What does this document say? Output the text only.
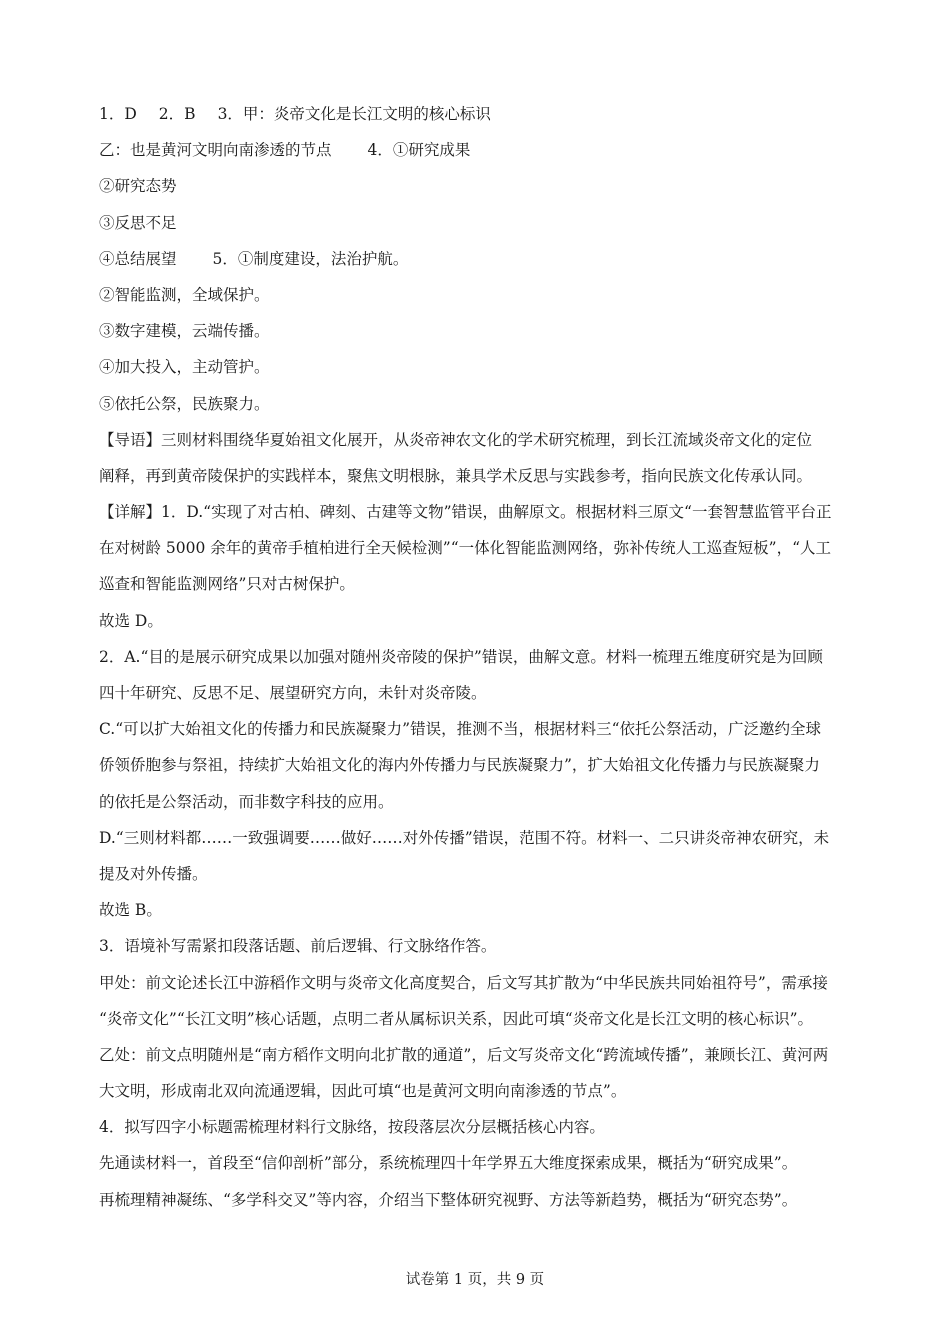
1．D 2．B 3．甲：炎帝文化是长江文明的核心标识
乙：也是黄河文明向南渗透的节点 4．①研究成果
②研究态势
③反思不足
④总结展望 5．①制度建设，法治护航。
②智能监测，全域保护。
③数字建模，云端传播。
④加大投入，主动管护。
⑤依托公祭，民族聚力。
【导语】三则材料围绕华夏始祖文化展开，从炎帝神农文化的学术研究梳理，到长江流域炎帝文化的定位
阐释，再到黄帝陵保护的实践样本，聚焦文明根脉，兼具学术反思与实践参考，指向民族文化传承认同。
【详解】1．D.“实现了对古柏、碑刻、古建等文物”错误，曲解原文。根据材料三原文“一套智慧监管平台正
在对树龄 5000 余年的黄帝手植柏进行全天候检测”“一体化智能监测网络，弥补传统人工巡查短板”，“人工
巡查和智能监测网络”只对古树保护。
故选 D。
2．A.“目的是展示研究成果以加强对随州炎帝陵的保护”错误，曲解文意。材料一梳理五维度研究是为回顾
四十年研究、反思不足、展望研究方向，未针对炎帝陵。
C.“可以扩大始祖文化的传播力和民族凝聚力”错误，推测不当，根据材料三“依托公祭活动，广泛邀约全球
侨领侨胞参与祭祖，持续扩大始祖文化的海内外传播力与民族凝聚力”，扩大始祖文化传播力与民族凝聚力
的依托是公祭活动，而非数字科技的应用。
D.“三则材料都……一致强调要……做好……对外传播”错误，范围不符。材料一、二只讲炎帝神农研究，未
提及对外传播。
故选 B。
3．语境补写需紧扣段落话题、前后逻辑、行文脉络作答。
甲处：前文论述长江中游稻作文明与炎帝文化高度契合，后文写其扩散为“中华民族共同始祖符号”，需承接
“炎帝文化”“长江文明”核心话题，点明二者从属标识关系，因此可填“炎帝文化是长江文明的核心标识”。
乙处：前文点明随州是“南方稻作文明向北扩散的通道”，后文写炎帝文化“跨流域传播”，兼顾长江、黄河两
大文明，形成南北双向流通逻辑，因此可填“也是黄河文明向南渗透的节点”。
4．拟写四字小标题需梳理材料行文脉络，按段落层次分层概括核心内容。
先通读材料一，首段至“信仰剖析”部分，系统梳理四十年学界五大维度探索成果，概括为“研究成果”。
再梳理精神凝练、“多学科交叉”等内容，介绍当下整体研究视野、方法等新趋势，概括为“研究态势”。
试卷第 1 页，共 9 页
